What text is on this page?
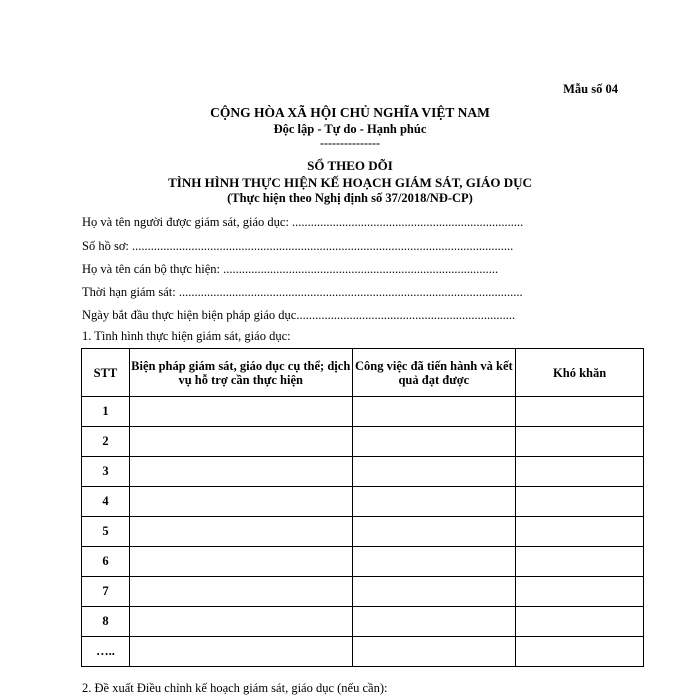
Mẫu số 04
CỘNG HÒA XÃ HỘI CHỦ NGHĨA VIỆT NAM
Độc lập - Tự do - Hạnh phúc
---------------
SỔ THEO DÕI
TÌNH HÌNH THỰC HIỆN KẾ HOẠCH GIÁM SÁT, GIÁO DỤC
(Thực hiện theo Nghị định số 37/2018/NĐ-CP)
Họ và tên người được giám sát, giáo dục: ..........................................................................
Số hồ sơ: ..........................................................................................................................
Họ và tên cán bộ thực hiện: ........................................................................................
Thời hạn giám sát: ..............................................................................................................
Ngày bắt đầu thực hiện biện pháp giáo dục......................................................................
1. Tình hình thực hiện giám sát, giáo dục:
STT	Biện pháp giám sát, giáo dục cụ thể; dịch vụ hỗ trợ cần thực hiện	Công việc đã tiến hành và kết quả đạt được	Khó khăn
1			
2			
3			
4			
5			
6			
7			
8			
…..			
2. Đề xuất Điều chỉnh kế hoạch giám sát, giáo dục (nếu cần):
